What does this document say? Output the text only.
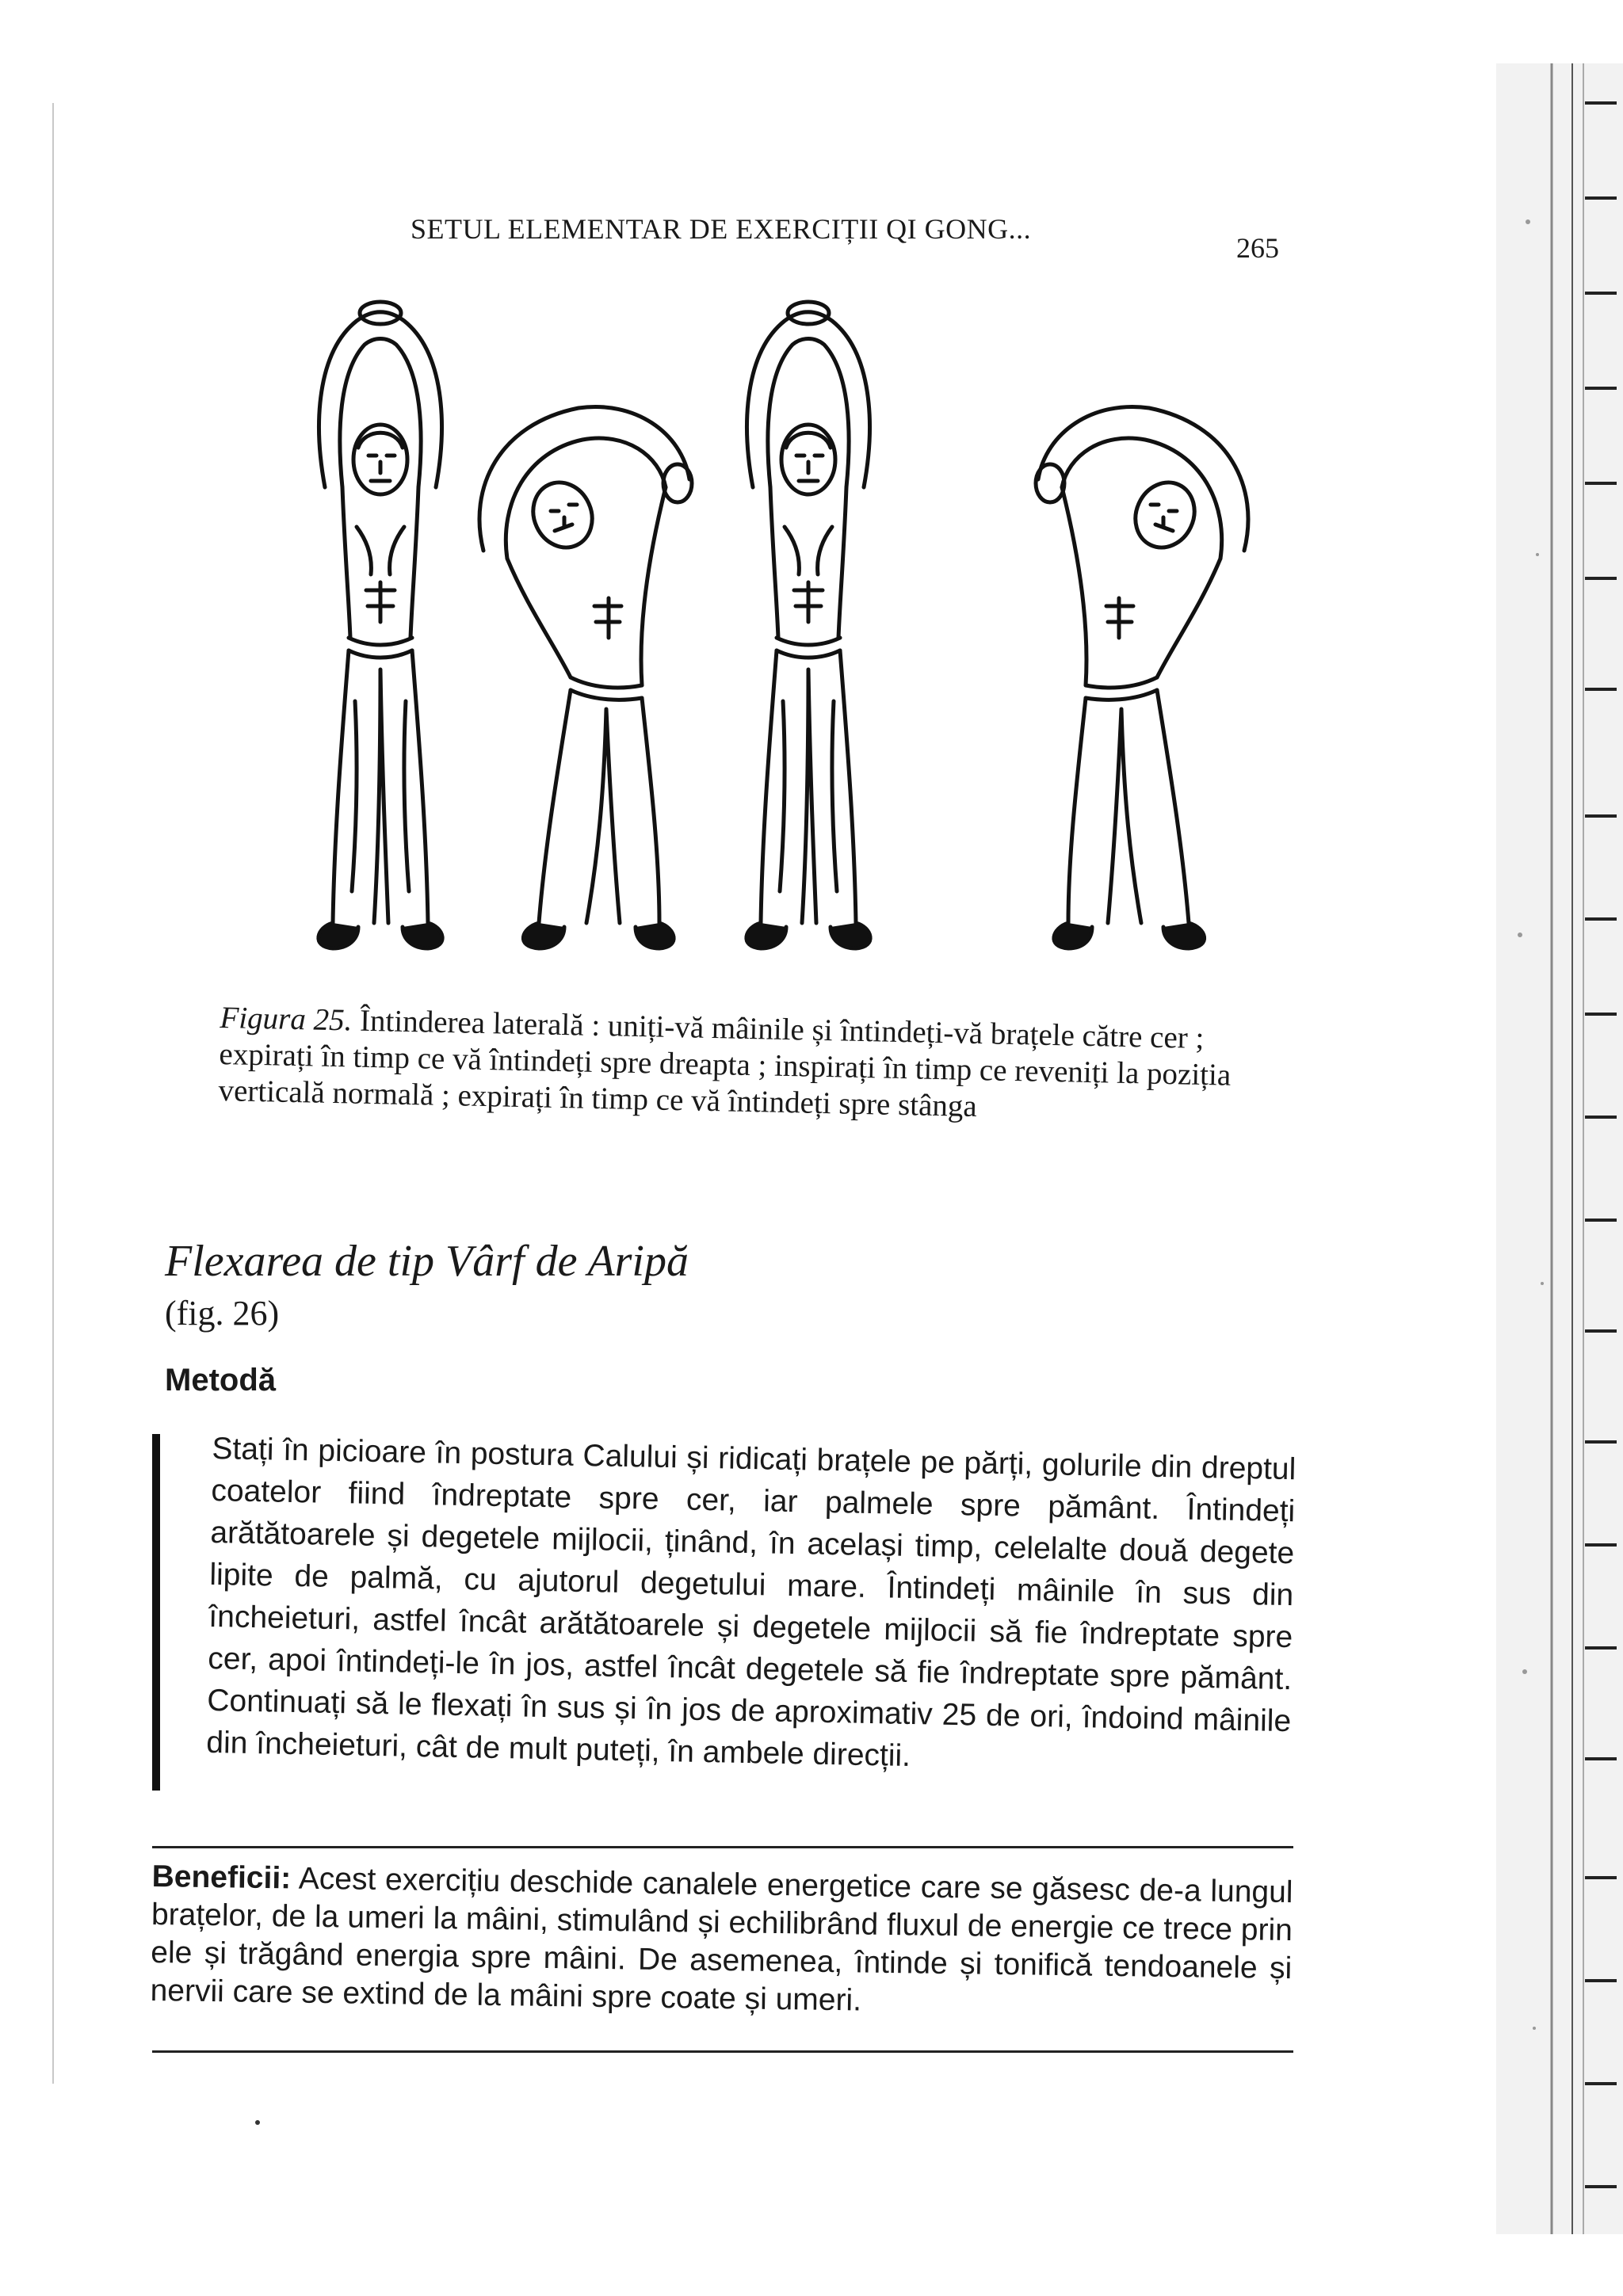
SETUL ELEMENTAR DE EXERCIȚII QI GONG...
265
Figura 25. Întinderea laterală : uniți-vă mâinile și întindeți-vă brațele către cer ; expirați în timp ce vă întindeți spre dreapta ; inspirați în timp ce reveniți la poziția verticală normală ; expirați în timp ce vă întindeți spre stânga
Flexarea de tip Vârf de Aripă
(fig. 26)
Metodă
Stați în picioare în postura Calului și ridicați brațele pe părți, golurile din dreptul coatelor fiind îndreptate spre cer, iar palmele spre pământ. Întindeți arătătoarele și degetele mijlocii, ținând, în același timp, celelalte două degete lipite de palmă, cu ajutorul degetului mare. Întindeți mâinile în sus din încheieturi, astfel încât arătătoarele și degetele mijlocii să fie îndreptate spre cer, apoi întindeți-le în jos, astfel încât degetele să fie îndreptate spre pământ. Continuați să le flexați în sus și în jos de aproximativ 25 de ori, îndoind mâinile din încheieturi, cât de mult puteți, în ambele direcții.
Beneficii: Acest exercițiu deschide canalele energetice care se găsesc de-a lungul brațelor, de la umeri la mâini, stimulând și echilibrând fluxul de energie ce trece prin ele și trăgând energia spre mâini. De asemenea, întinde și tonifică tendoanele și nervii care se extind de la mâini spre coate și umeri.
